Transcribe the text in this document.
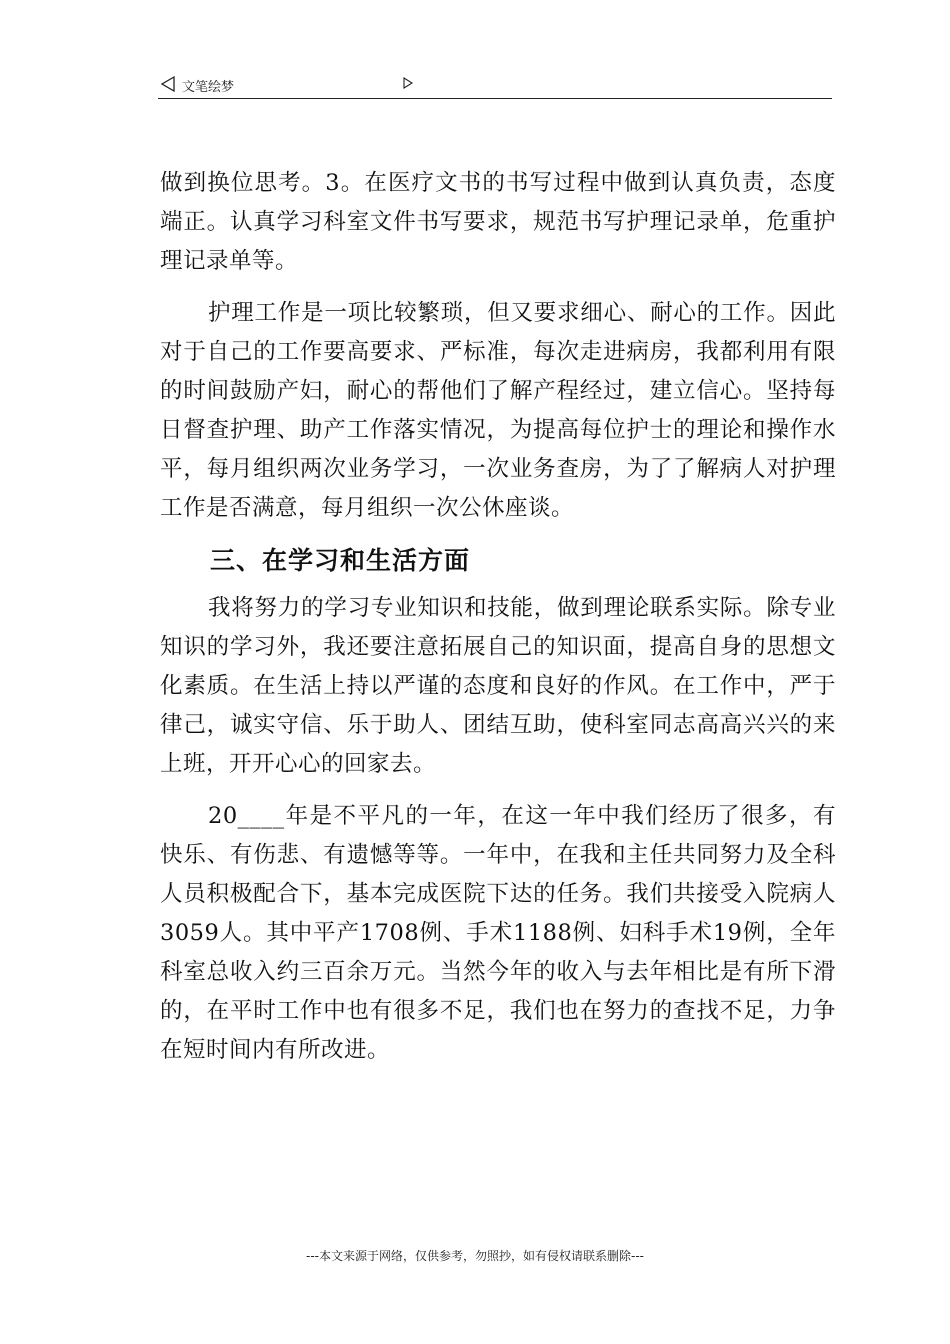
文笔绘梦

做到换位思考。3。在医疗文书的书写过程中做到认真负责，态度端正。认真学习科室文件书写要求，规范书写护理记录单，危重护理记录单等。

护理工作是一项比较繁琐，但又要求细心、耐心的工作。因此对于自己的工作要高要求、严标准，每次走进病房，我都利用有限的时间鼓励产妇，耐心的帮他们了解产程经过，建立信心。坚持每日督查护理、助产工作落实情况，为提高每位护士的理论和操作水平，每月组织两次业务学习，一次业务查房，为了了解病人对护理工作是否满意，每月组织一次公休座谈。

三、在学习和生活方面

我将努力的学习专业知识和技能，做到理论联系实际。除专业知识的学习外，我还要注意拓展自己的知识面，提高自身的思想文化素质。在生活上持以严谨的态度和良好的作风。在工作中，严于律己，诚实守信、乐于助人、团结互助，使科室同志高高兴兴的来上班，开开心心的回家去。

20____年是不平凡的一年，在这一年中我们经历了很多，有快乐、有伤悲、有遗憾等等。一年中，在我和主任共同努力及全科人员积极配合下，基本完成医院下达的任务。我们共接受入院病人3059人。其中平产1708例、手术1188例、妇科手术19例，全年科室总收入约三百余万元。当然今年的收入与去年相比是有所下滑的，在平时工作中也有很多不足，我们也在努力的查找不足，力争在短时间内有所改进。

---本文来源于网络，仅供参考，勿照抄，如有侵权请联系删除---
